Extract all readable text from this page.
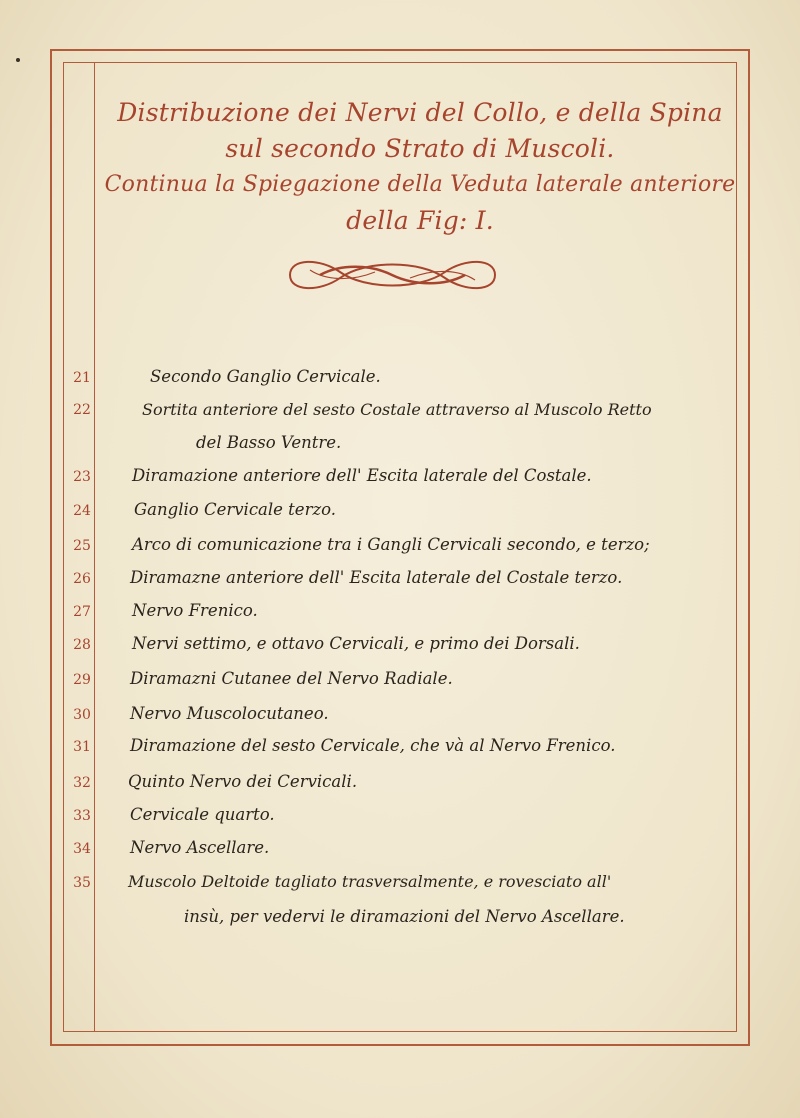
Distribuzione dei Nervi del Collo, e della Spina
sul secondo Strato di Muscoli.
Continua la Spiegazione della Veduta laterale anteriore
della Fig: I.
21	Secondo Ganglio Cervicale.
22	Sortita anteriore del sesto Costale attraverso al Muscolo Retto
del Basso Ventre.
23 Diramazione anteriore dell' Escita laterale del Costale.
24	Ganglio Cervicale terzo.
25 Arco di comunicazione tra i Gangli Cervicali secondo, e terzo;
26 Diramazne anteriore dell' Escita laterale del Costale terzo.
27 Nervo Frenico.
28 Nervi settimo, e ottavo Cervicali, e primo dei Dorsali.
29 Diramazni Cutanee del Nervo Radiale.
30 Nervo Muscolocutaneo.
31 Diramazione del sesto Cervicale, che và al Nervo Frenico.
32 Quinto Nervo dei Cervicali.
33 Cervicale quarto.
34 Nervo Ascellare.
35 Muscolo Deltoide tagliato trasversalmente, e rovesciato all'
insù, per vedervi le diramazioni del Nervo Ascellare.
